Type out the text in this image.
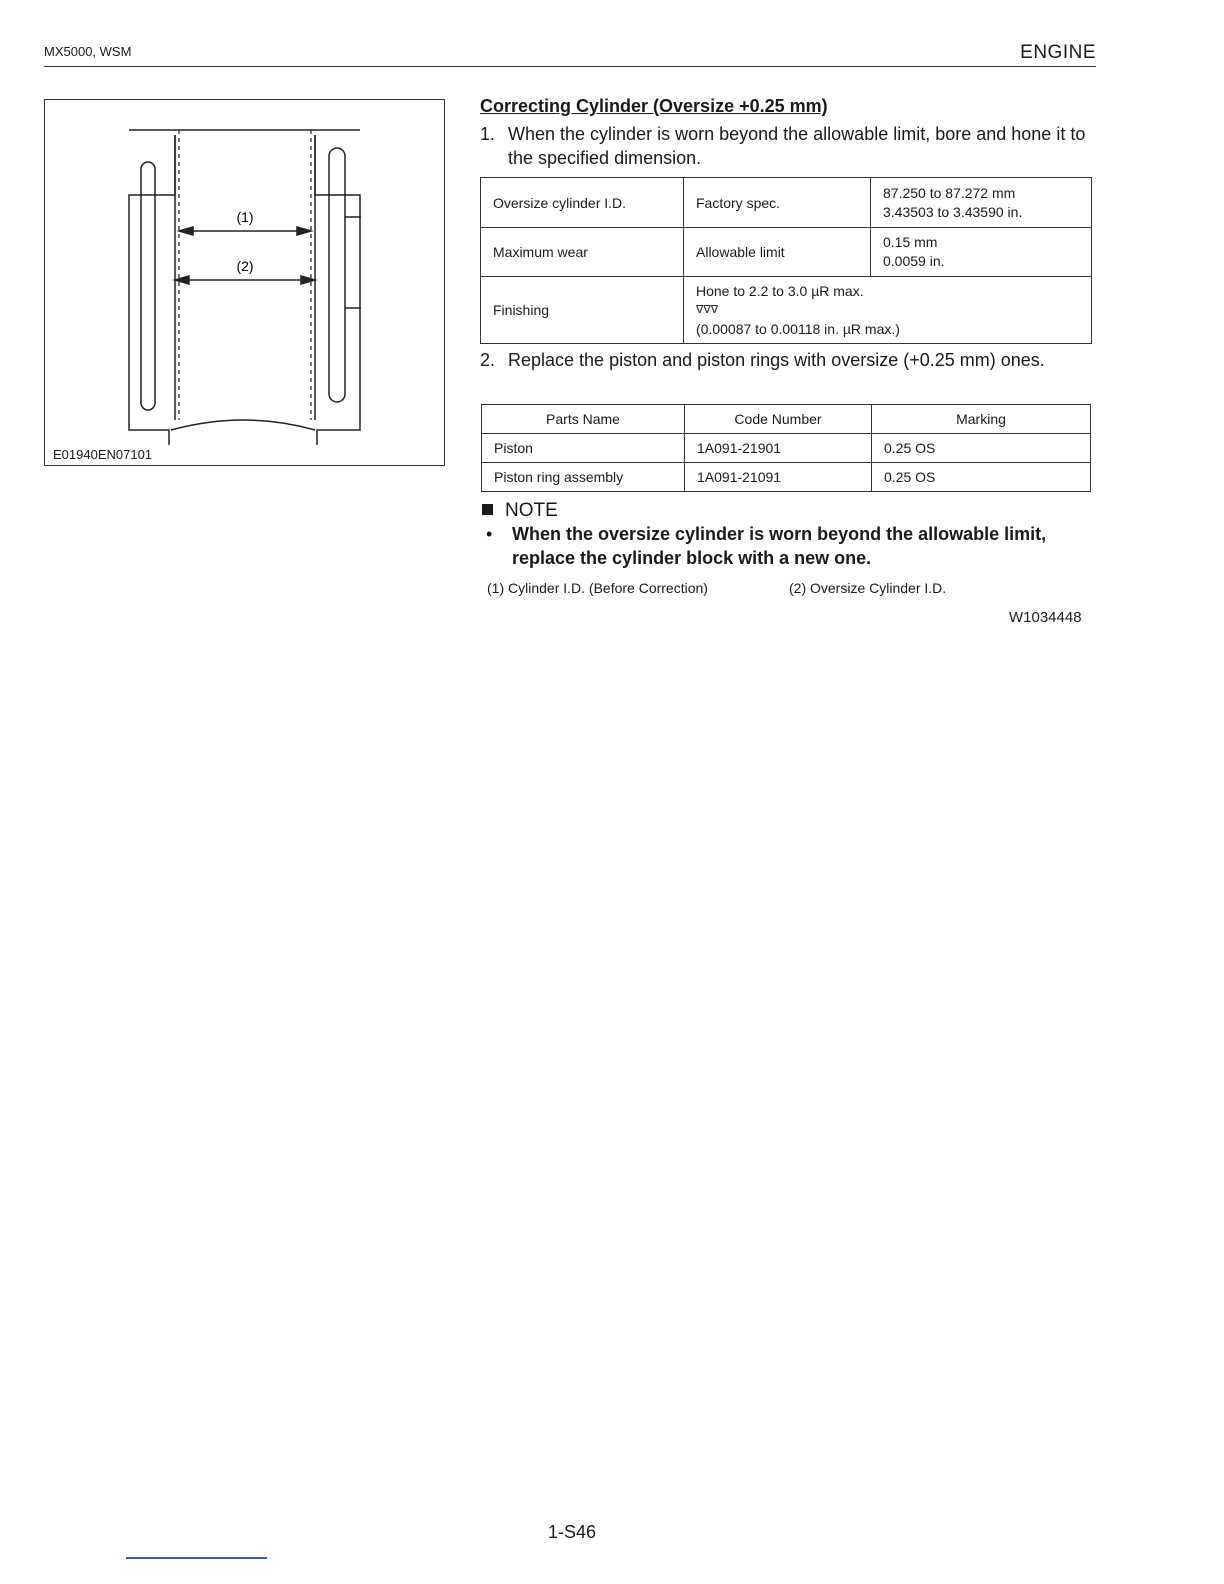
MX5000, WSM	ENGINE
(1)
(2)
E01940EN07101
Correcting Cylinder (Oversize +0.25 mm)
1. When the cylinder is worn beyond the allowable limit, bore and hone it to the specified dimension.
Oversize cylinder I.D.	Factory spec.	87.250 to 87.272 mm
3.43503 to 3.43590 in.

Maximum wear	Allowable limit	0.15 mm
0.0059 in.

Finishing	Hone to 2.2 to 3.0 µR max.
∇∇∇
(0.00087 to 0.00118 in. µR max.)	
2. Replace the piston and piston rings with oversize (+0.25 mm) ones.
Parts Name	Code Number	Marking
Piston	1A091-21901	0.25 OS
Piston ring assembly	1A091-21091	0.25 OS
NOTE
• When the oversize cylinder is worn beyond the allowable limit, replace the cylinder block with a new one.
(1) Cylinder I.D. (Before Correction)	(2) Oversize Cylinder I.D.
W1034448
1-S46
